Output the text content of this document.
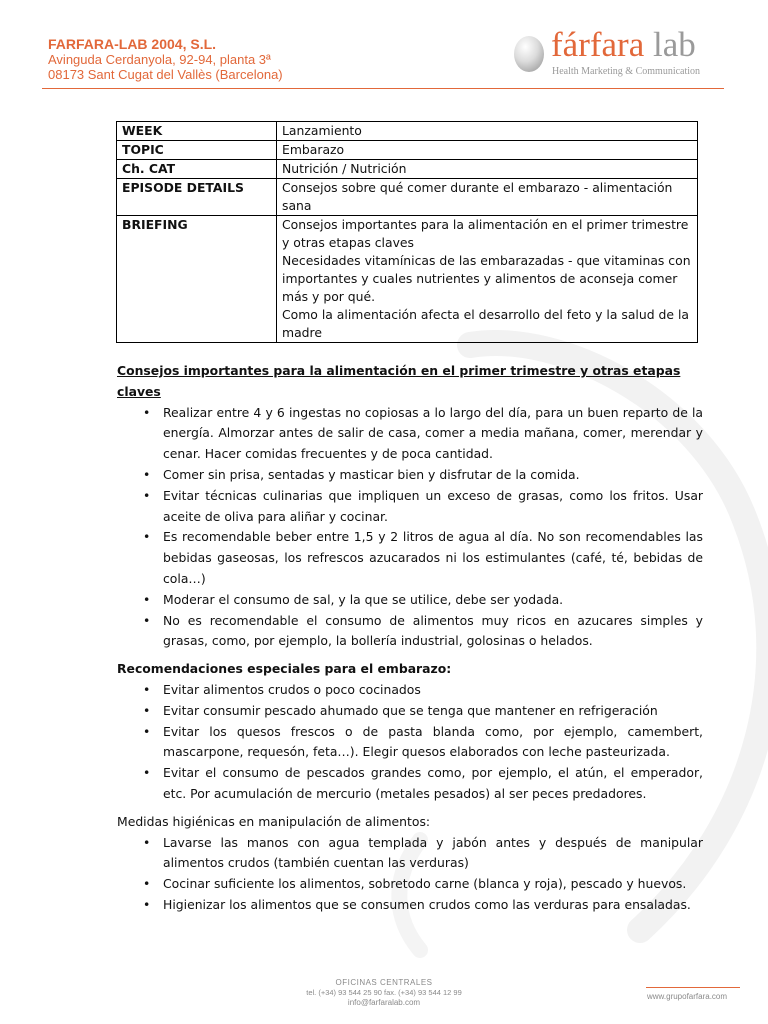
FARFARA-LAB 2004, S.L.
Avinguda Cerdanyola, 92-94, planta 3ª
08173 Sant Cugat del Vallès (Barcelona)
fárfara lab
Health Marketing & Communication
WEEK	Lanzamiento
TOPIC	Embarazo
Ch. CAT	Nutrición / Nutrición
EPISODE DETAILS	Consejos sobre qué comer durante el embarazo - alimentación sana
BRIEFING	Consejos importantes para la alimentación en el primer trimestre y otras etapas claves
Necesidades vitamínicas de las embarazadas - que vitaminas con importantes y cuales nutrientes y alimentos de aconseja comer más y por qué.
Como la alimentación afecta el desarrollo del feto y la salud de la madre
Consejos importantes para la alimentación en el primer trimestre y otras etapas claves
• Realizar entre 4 y 6 ingestas no copiosas a lo largo del día, para un buen reparto de la energía. Almorzar antes de salir de casa, comer a media mañana, comer, merendar y cenar. Hacer comidas frecuentes y de poca cantidad.
• Comer sin prisa, sentadas y masticar bien y disfrutar de la comida.
• Evitar técnicas culinarias que impliquen un exceso de grasas, como los fritos. Usar aceite de oliva para aliñar y cocinar.
• Es recomendable beber entre 1,5 y 2 litros de agua al día. No son recomendables las bebidas gaseosas, los refrescos azucarados ni los estimulantes (café, té, bebidas de cola…)
• Moderar el consumo de sal, y la que se utilice, debe ser yodada.
• No es recomendable el consumo de alimentos muy ricos en azucares simples y grasas, como, por ejemplo, la bollería industrial, golosinas o helados.
Recomendaciones especiales para el embarazo:
• Evitar alimentos crudos o poco cocinados
• Evitar consumir pescado ahumado que se tenga que mantener en refrigeración
• Evitar los quesos frescos o de pasta blanda como, por ejemplo, camembert, mascarpone, requesón, feta…). Elegir quesos elaborados con leche pasteurizada.
• Evitar el consumo de pescados grandes como, por ejemplo, el atún, el emperador, etc. Por acumulación de mercurio (metales pesados) al ser peces predadores.
Medidas higiénicas en manipulación de alimentos:
• Lavarse las manos con agua templada y jabón antes y después de manipular alimentos crudos (también cuentan las verduras)
• Cocinar suficiente los alimentos, sobretodo carne (blanca y roja), pescado y huevos.
• Higienizar los alimentos que se consumen crudos como las verduras para ensaladas.
OFICINAS CENTRALES
tel. (+34) 93 544 25 90 fax. (+34) 93 544 12 99
info@farfaralab.com
www.grupofarfara.com
